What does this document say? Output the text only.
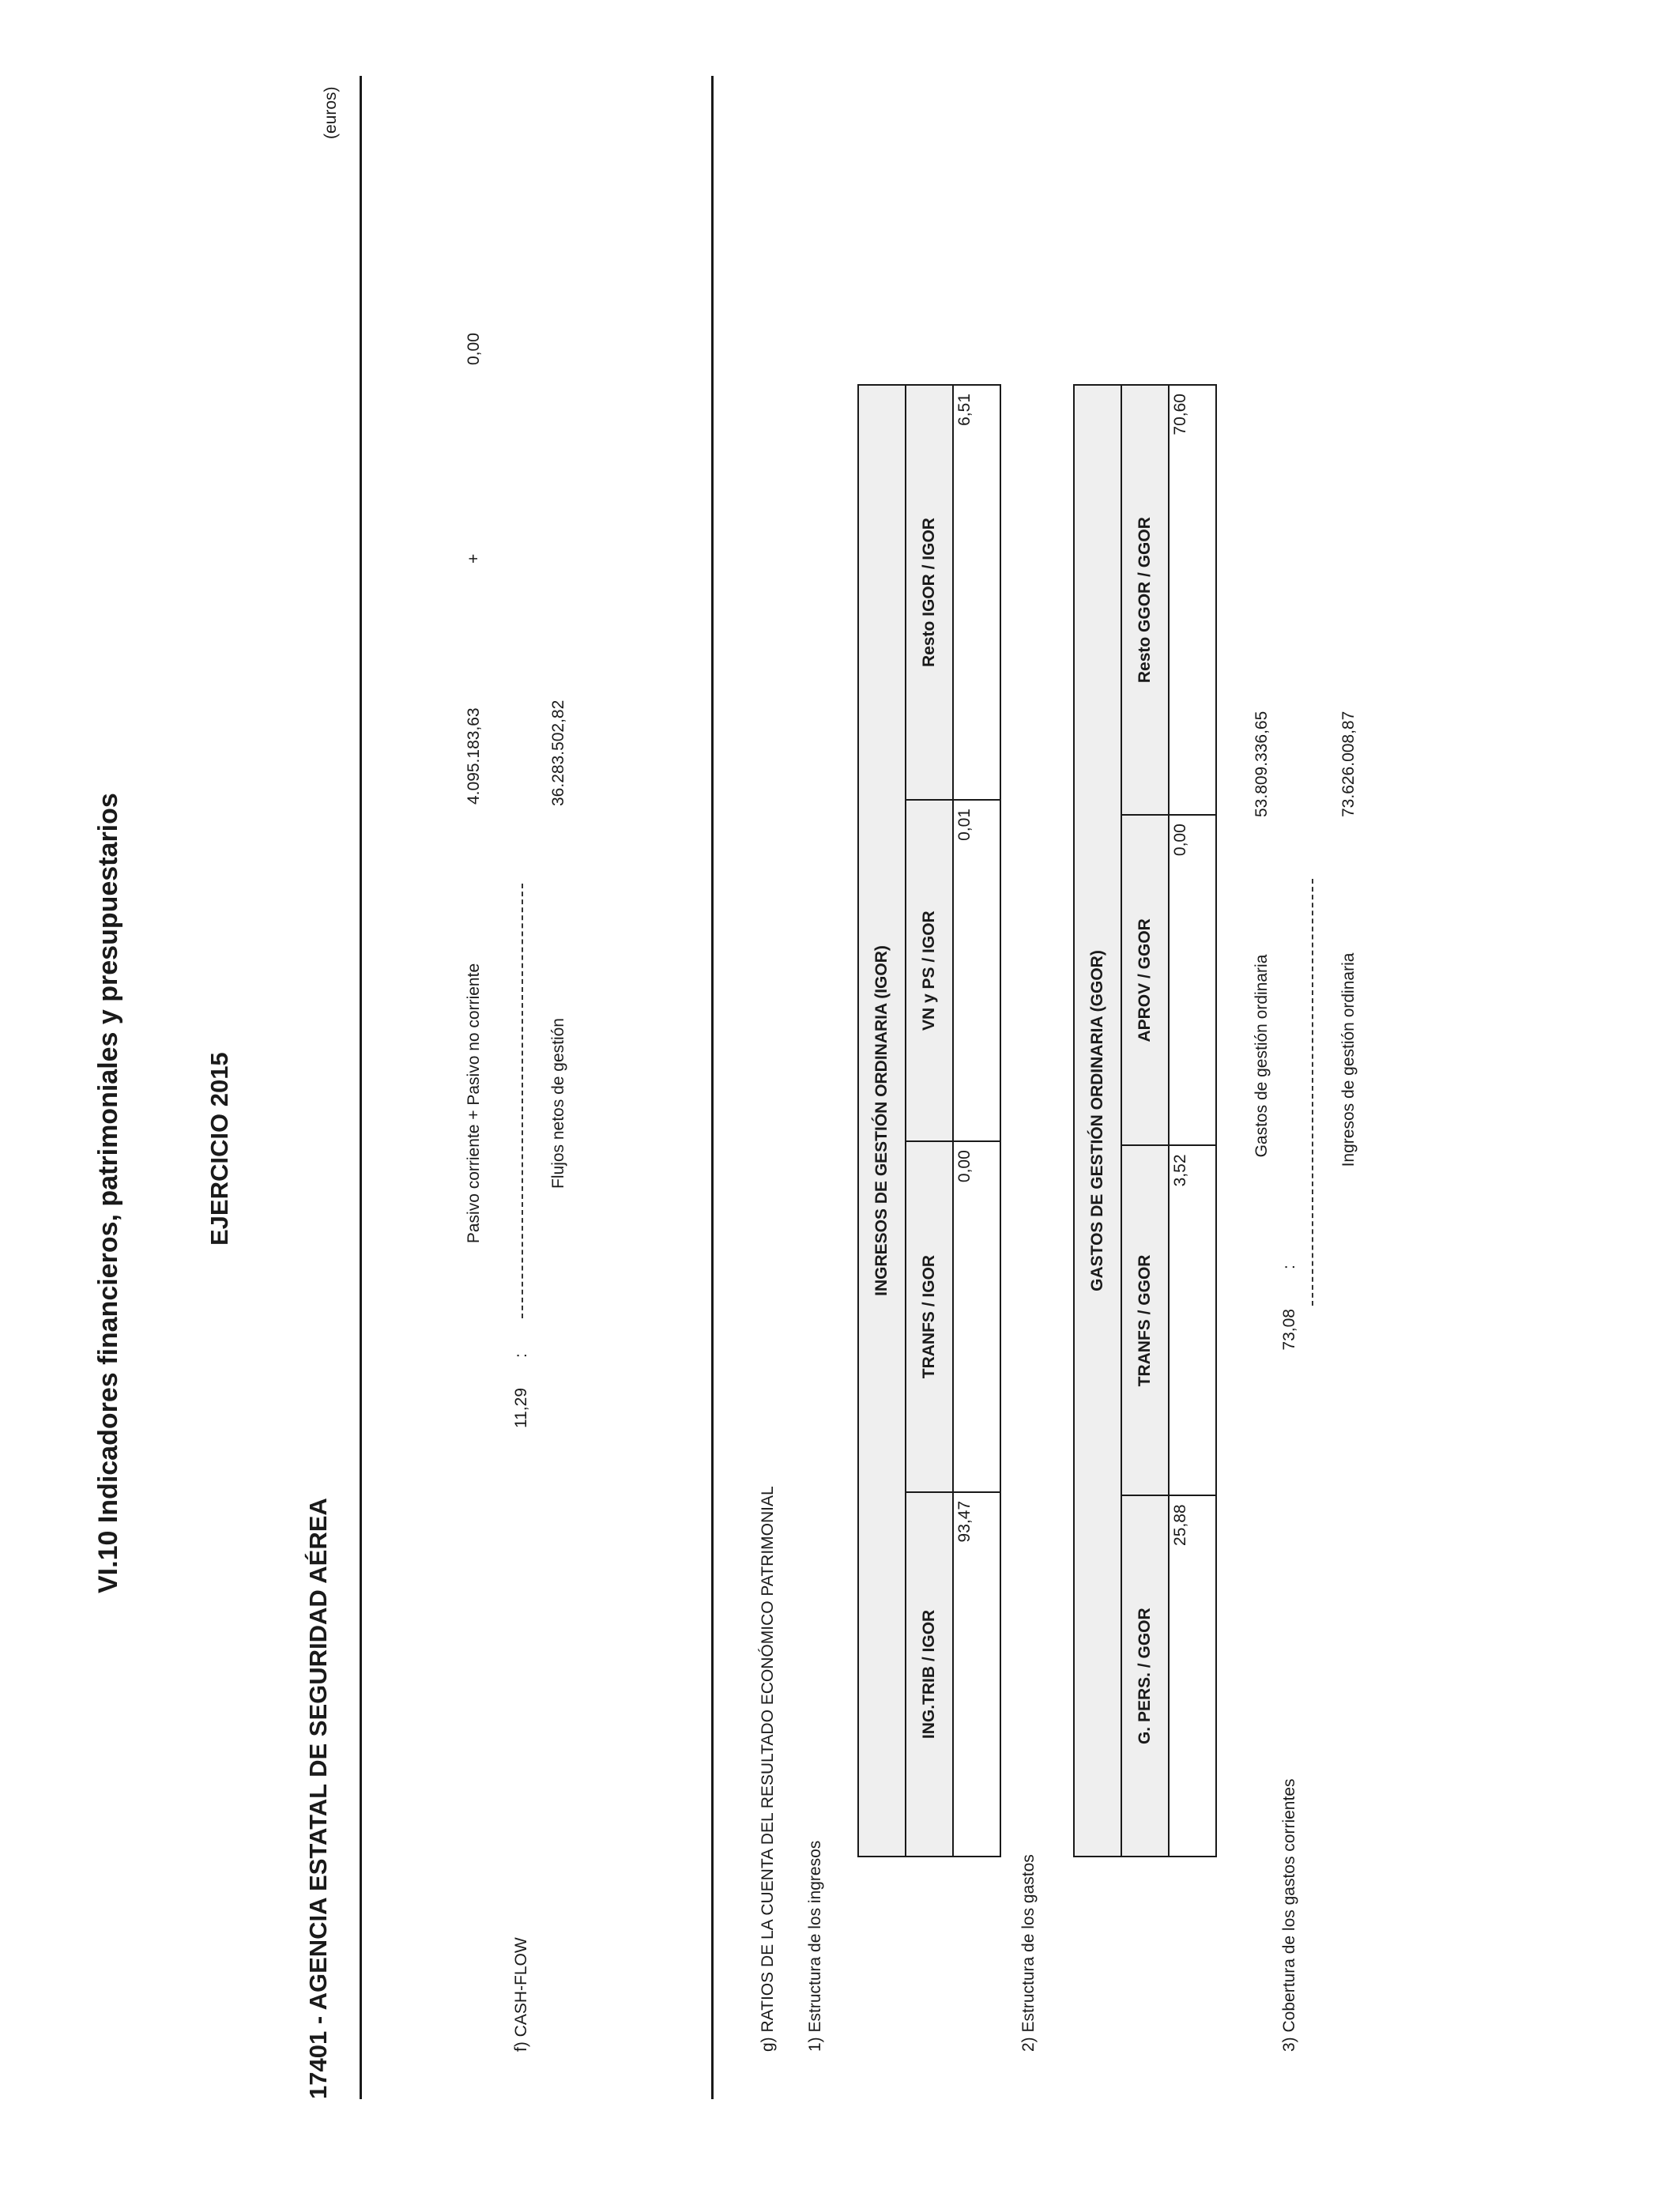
VI.10 Indicadores financieros, patrimoniales y presupuestarios	EJERCICIO 2015
17401 - AGENCIA ESTATAL DE SEGURIDAD AÉREA
(euros)
f) CASH-FLOW
11,29
:
Pasivo corriente + Pasivo no corriente
4.095.183,63
+
0,00
Flujos netos de gestión
36.283.502,82
g) RATIOS DE LA CUENTA DEL RESULTADO ECONÓMICO PATRIMONIAL 1) Estructura de los ingresos
INGRESOS DE GESTIÓN ORDINARIA (IGOR)			
ING.TRIB / IGOR	TRANFS / IGOR	VN y PS / IGOR	Resto IGOR / IGOR
93,47	0,00	0,01	6,51
2) Estructura de los gastos
GASTOS DE GESTIÓN ORDINARIA (GGOR)			
G. PERS. / GGOR	TRANFS / GGOR	APROV / GGOR	Resto GGOR / GGOR
25,88	3,52	0,00	70,60
3) Cobertura de los gastos corrientes
73,08
:
Gastos de gestión ordinaria
53.809.336,65
Ingresos de gestión ordinaria
73.626.008,87
